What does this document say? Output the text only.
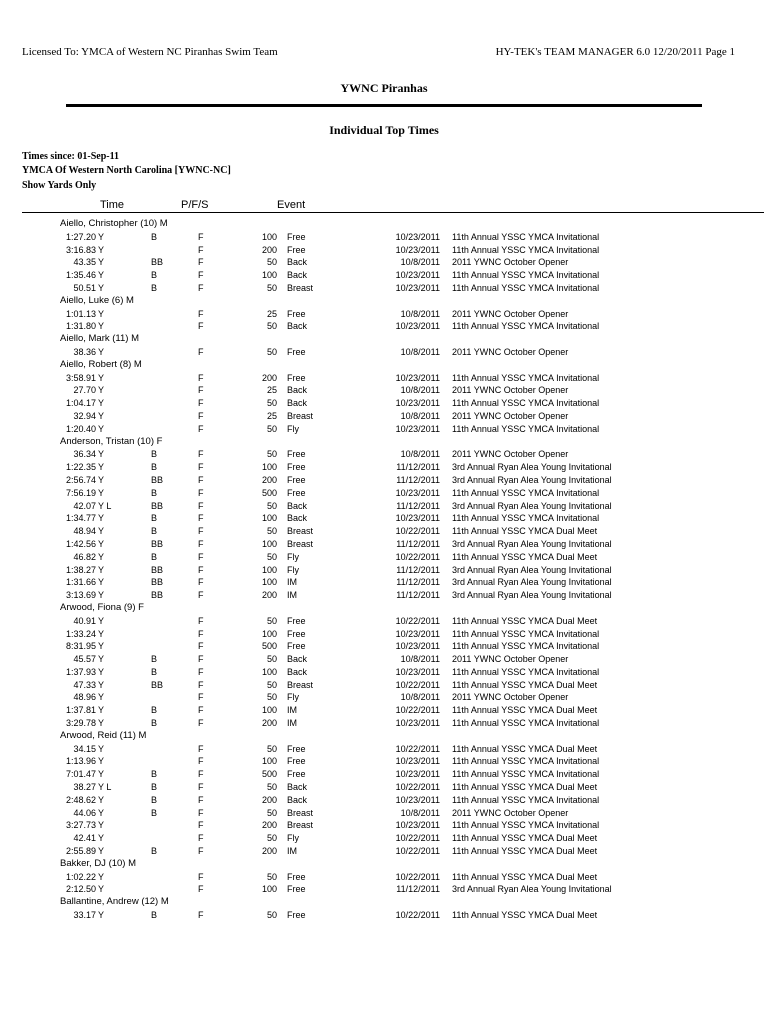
Licensed To: YMCA of Western NC Piranhas Swim Team	HY-TEK's TEAM MANAGER 6.0 12/20/2011 Page 1
YWNC Piranhas
Individual Top Times
Times since: 01-Sep-11
YMCA Of Western North Carolina [YWNC-NC]
Show Yards Only
Time	P/F/S	Event
Aiello, Christopher (10) M
1:27.20 Y	B	F	100 Free	10/23/2011 11th Annual YSSC YMCA Invitational
3:16.83 Y	F	200 Free	10/23/2011 11th Annual YSSC YMCA Invitational
43.35 Y	BB	F	50 Back	10/8/2011 2011 YWNC October Opener
1:35.46 Y	B	F	100 Back	10/23/2011 11th Annual YSSC YMCA Invitational
50.51 Y	B	F	50 Breast	10/23/2011 11th Annual YSSC YMCA Invitational
Aiello, Luke (6) M
1:01.13 Y	F	25 Free	10/8/2011 2011 YWNC October Opener
1:31.80 Y	F	50 Back	10/23/2011 11th Annual YSSC YMCA Invitational
Aiello, Mark (11) M
38.36 Y	F	50 Free	10/8/2011 2011 YWNC October Opener
Aiello, Robert (8) M
3:58.91 Y	F	200 Free	10/23/2011 11th Annual YSSC YMCA Invitational
27.70 Y	F	25 Back	10/8/2011 2011 YWNC October Opener
1:04.17 Y	F	50 Back	10/23/2011 11th Annual YSSC YMCA Invitational
32.94 Y	F	25 Breast	10/8/2011 2011 YWNC October Opener
1:20.40 Y	F	50 Fly	10/23/2011 11th Annual YSSC YMCA Invitational
Anderson, Tristan (10) F
36.34 Y	B	F	50 Free	10/8/2011 2011 YWNC October Opener
1:22.35 Y	B	F	100 Free	11/12/2011 3rd Annual Ryan Alea Young Invitational
2:56.74 Y	BB	F	200 Free	11/12/2011 3rd Annual Ryan Alea Young Invitational
7:56.19 Y	B	F	500 Free	10/23/2011 11th Annual YSSC YMCA Invitational
42.07 Y L	BB	F	50 Back	11/12/2011 3rd Annual Ryan Alea Young Invitational
1:34.77 Y	B	F	100 Back	10/23/2011 11th Annual YSSC YMCA Invitational
48.94 Y	B	F	50 Breast	10/22/2011 11th Annual YSSC YMCA Dual Meet
1:42.56 Y	BB	F	100 Breast	11/12/2011 3rd Annual Ryan Alea Young Invitational
46.82 Y	B	F	50 Fly	10/22/2011 11th Annual YSSC YMCA Dual Meet
1:38.27 Y	BB	F	100 Fly	11/12/2011 3rd Annual Ryan Alea Young Invitational
1:31.66 Y	BB	F	100 IM	11/12/2011 3rd Annual Ryan Alea Young Invitational
3:13.69 Y	BB	F	200 IM	11/12/2011 3rd Annual Ryan Alea Young Invitational
Arwood, Fiona (9) F
40.91 Y	F	50 Free	10/22/2011 11th Annual YSSC YMCA Dual Meet
1:33.24 Y	F	100 Free	10/23/2011 11th Annual YSSC YMCA Invitational
8:31.95 Y	F	500 Free	10/23/2011 11th Annual YSSC YMCA Invitational
45.57 Y	B	F	50 Back	10/8/2011 2011 YWNC October Opener
1:37.93 Y	B	F	100 Back	10/23/2011 11th Annual YSSC YMCA Invitational
47.33 Y	BB	F	50 Breast	10/22/2011 11th Annual YSSC YMCA Dual Meet
48.96 Y	F	50 Fly	10/8/2011 2011 YWNC October Opener
1:37.81 Y	B	F	100 IM	10/22/2011 11th Annual YSSC YMCA Dual Meet
3:29.78 Y	B	F	200 IM	10/23/2011 11th Annual YSSC YMCA Invitational
Arwood, Reid (11) M
34.15 Y	F	50 Free	10/22/2011 11th Annual YSSC YMCA Dual Meet
1:13.96 Y	F	100 Free	10/23/2011 11th Annual YSSC YMCA Invitational
7:01.47 Y	B	F	500 Free	10/23/2011 11th Annual YSSC YMCA Invitational
38.27 Y L	B	F	50 Back	10/22/2011 11th Annual YSSC YMCA Dual Meet
2:48.62 Y	B	F	200 Back	10/23/2011 11th Annual YSSC YMCA Invitational
44.06 Y	B	F	50 Breast	10/8/2011 2011 YWNC October Opener
3:27.73 Y	F	200 Breast	10/23/2011 11th Annual YSSC YMCA Invitational
42.41 Y	F	50 Fly	10/22/2011 11th Annual YSSC YMCA Dual Meet
2:55.89 Y	B	F	200 IM	10/22/2011 11th Annual YSSC YMCA Dual Meet
Bakker, DJ (10) M
1:02.22 Y	F	50 Free	10/22/2011 11th Annual YSSC YMCA Dual Meet
2:12.50 Y	F	100 Free	11/12/2011 3rd Annual Ryan Alea Young Invitational
Ballantine, Andrew (12) M
33.17 Y	B	F	50 Free	10/22/2011 11th Annual YSSC YMCA Dual Meet
